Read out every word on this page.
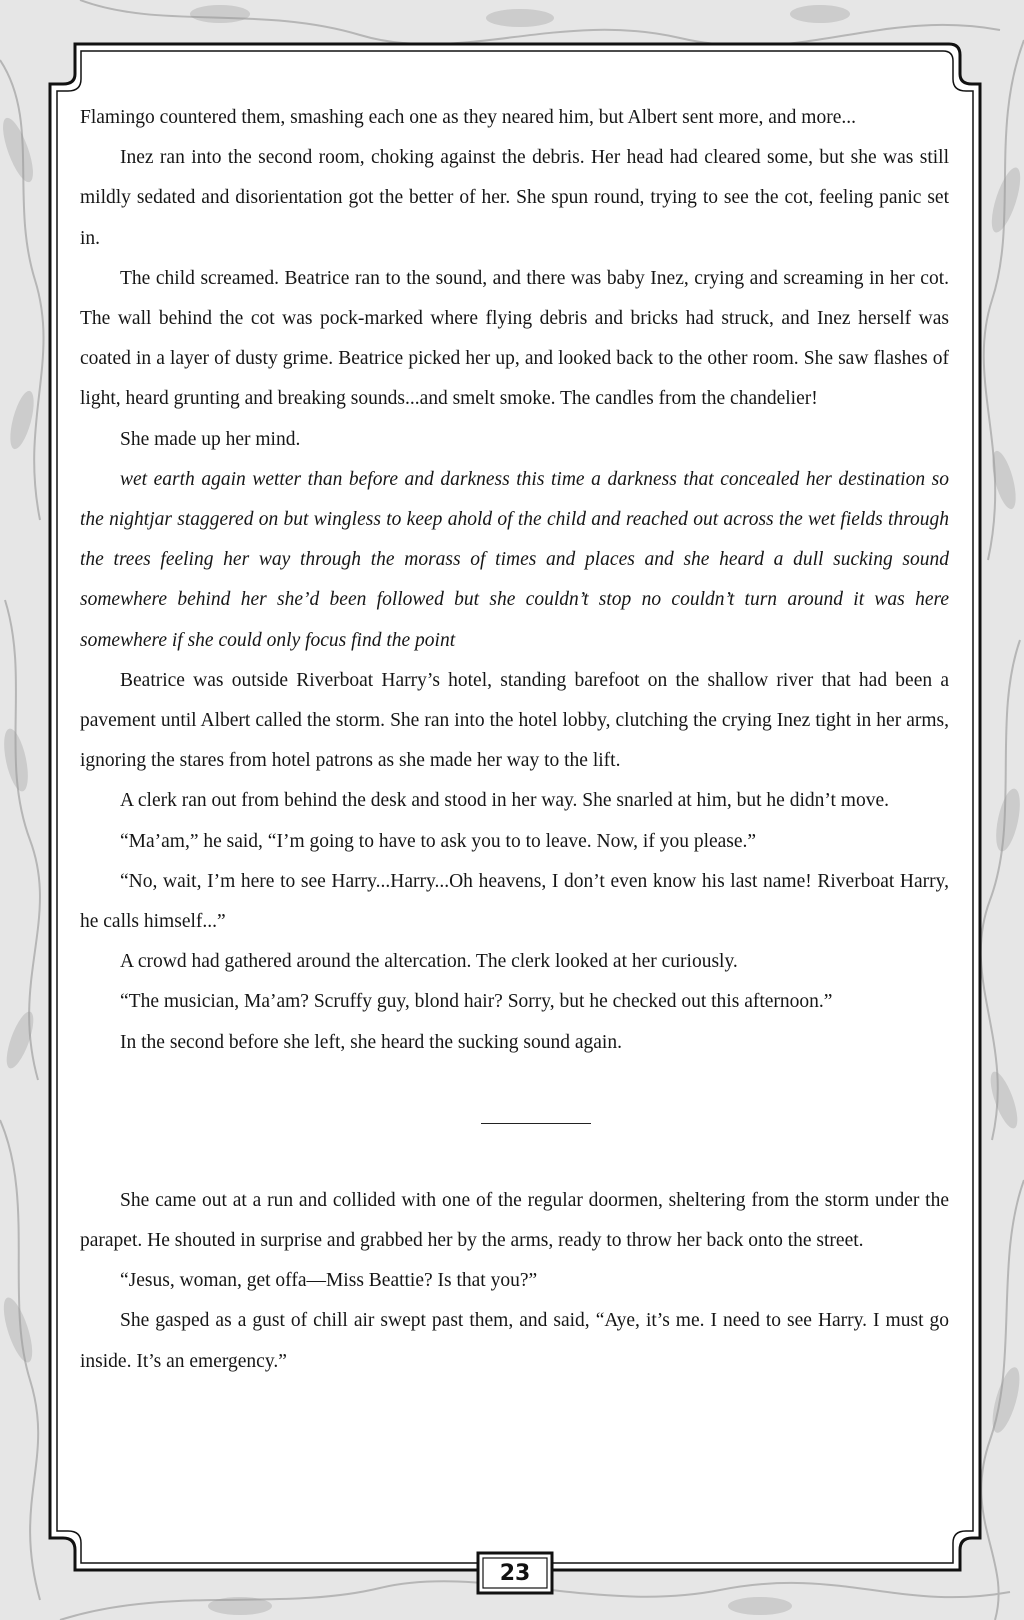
Flamingo countered them, smashing each one as they neared him, but Albert sent more, and more...

Inez ran into the second room, choking against the debris. Her head had cleared some, but she was still mildly sedated and disorientation got the better of her. She spun round, trying to see the cot, feeling panic set in.

The child screamed. Beatrice ran to the sound, and there was baby Inez, crying and screaming in her cot. The wall behind the cot was pock-marked where flying debris and bricks had struck, and Inez herself was coated in a layer of dusty grime. Beatrice picked her up, and looked back to the other room. She saw flashes of light, heard grunting and breaking sounds...and smelt smoke. The candles from the chandelier!

She made up her mind.

wet earth again wetter than before and darkness this time a darkness that concealed her destination so the nightjar staggered on but wingless to keep ahold of the child and reached out across the wet fields through the trees feeling her way through the morass of times and places and she heard a dull sucking sound somewhere behind her she’d been followed but she couldn’t stop no couldn’t turn around it was here somewhere if she could only focus find the point

Beatrice was outside Riverboat Harry’s hotel, standing barefoot on the shallow river that had been a pavement until Albert called the storm. She ran into the hotel lobby, clutching the crying Inez tight in her arms, ignoring the stares from hotel patrons as she made her way to the lift.

A clerk ran out from behind the desk and stood in her way. She snarled at him, but he didn’t move.

“Ma’am,” he said, “I’m going to have to ask you to to leave. Now, if you please.”

“No, wait, I’m here to see Harry...Harry...Oh heavens, I don’t even know his last name! Riverboat Harry, he calls himself...”

A crowd had gathered around the altercation. The clerk looked at her curiously.

“The musician, Ma’am? Scruffy guy, blond hair? Sorry, but he checked out this afternoon.”

In the second before she left, she heard the sucking sound again.

She came out at a run and collided with one of the regular doormen, sheltering from the storm under the parapet. He shouted in surprise and grabbed her by the arms, ready to throw her back onto the street.

“Jesus, woman, get offa—Miss Beattie? Is that you?”

She gasped as a gust of chill air swept past them, and said, “Aye, it’s me. I need to see Harry. I must go inside. It’s an emergency.”

23
